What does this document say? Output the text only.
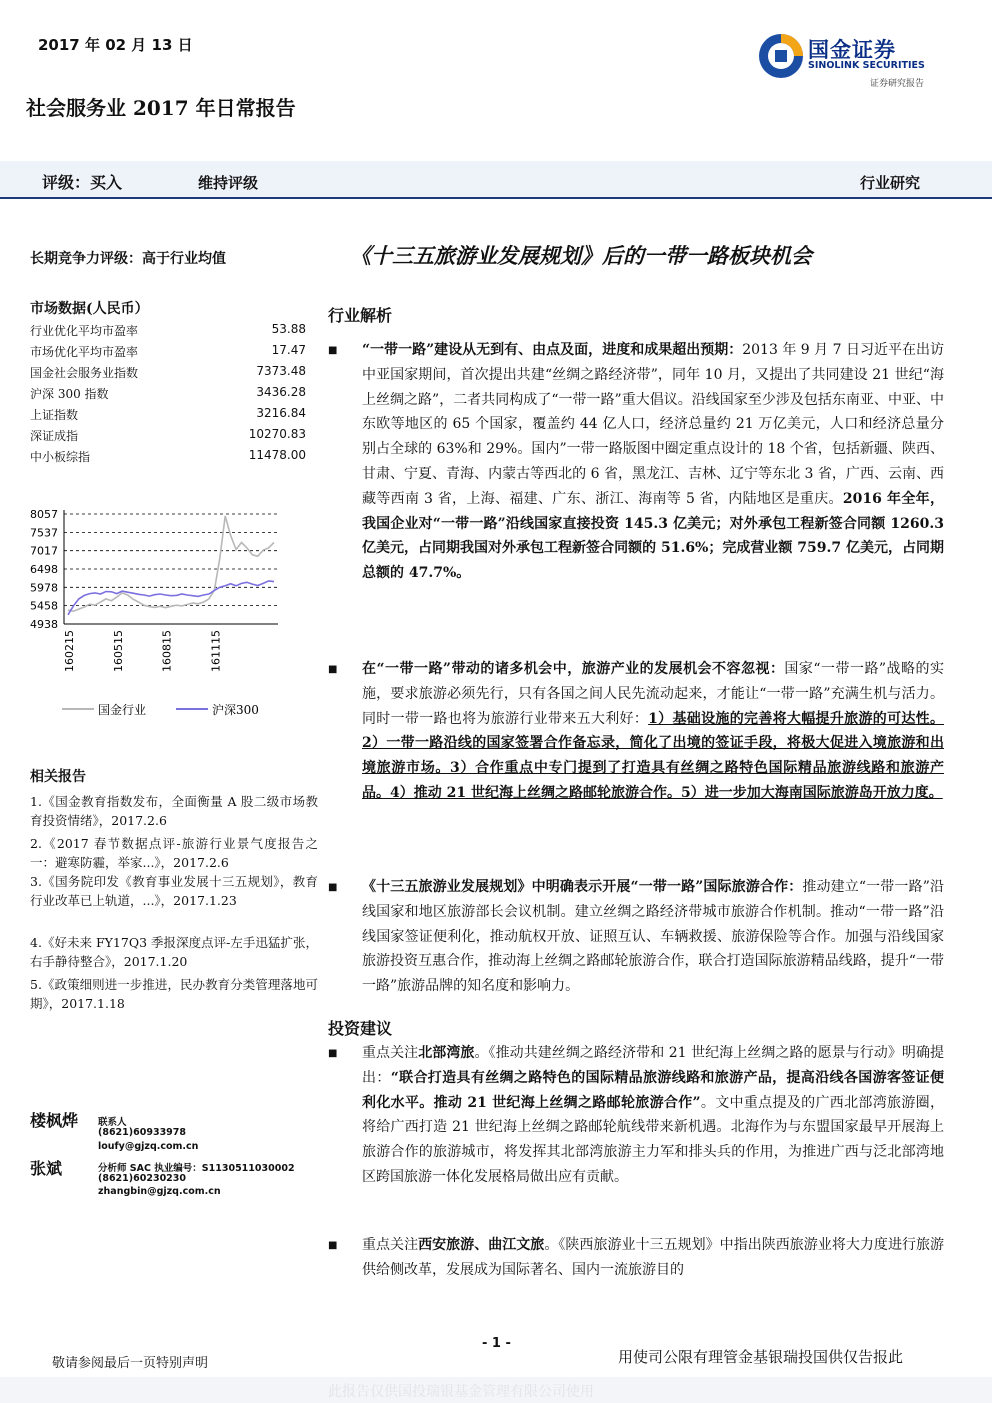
2017 年 02 月 13 日	国金证券
SINOLINK SECURITIES
证券研究报告
社会服务业 2017 年日常报告
评级：买入	维持评级	行业研究
长期竞争力评级：高于行业均值
市场数据(人民币）
行业优化平均市盈率	53.88
市场优化平均市盈率	17.47
国金社会服务业指数	7373.48
沪深 300 指数	3436.28
上证指数	3216.84
深证成指	10270.83
中小板综指	11478.00
4938
5458
5978
6498
7017
7537
8057
160215	160515	160815	161115
国金行业	沪深300
相关报告
1.《国金教育指数发布，全面衡量 A 股二级市场教育投资情绪》，2017.2.6
2.《2017 春节数据点评-旅游行业景气度报告之一：避寒防霾，举家...》，2017.2.6
3.《国务院印发《教育事业发展十三五规划》，教育行业改革已上轨道，...》，2017.1.23
4.《好未来 FY17Q3 季报深度点评-左手迅猛扩张，右手静待整合》，2017.1.20
5.《政策细则进一步推进，民办教育分类管理落地可期》，2017.1.18
楼枫烨 联系人
(8621)60933978
loufy@gjzq.com.cn
张斌	分析师 SAC 执业编号：S1130511030002
(8621)60230230
zhangbin@gjzq.com.cn
《十三五旅游业发展规划》后的一带一路板块机会
行业解析
■ “一带一路”建设从无到有、由点及面，进度和成果超出预期：2013 年 9 月 7 日习近平在出访中亚国家期间，首次提出共建“丝绸之路经济带”，同年 10 月，又提出了共同建设 21 世纪“海上丝绸之路”，二者共同构成了“一带一路”重大倡议。沿线国家至少涉及包括东南亚、中亚、中东欧等地区的 65 个国家，覆盖约 44 亿人口，经济总量约 21 万亿美元，人口和经济总量分别占全球的 63%和 29%。国内”一带一路版图中圈定重点设计的 18 个省，包括新疆、陕西、甘肃、宁夏、青海、内蒙古等西北的 6 省，黑龙江、吉林、辽宁等东北 3 省，广西、云南、西藏等西南 3 省，上海、福建、广东、浙江、海南等 5 省，内陆地区是重庆。2016 年全年，我国企业对“一带一路”沿线国家直接投资 145.3 亿美元；对外承包工程新签合同额 1260.3 亿美元，占同期我国对外承包工程新签合同额的 51.6%；完成营业额 759.7 亿美元，占同期总额的 47.7%。
■ 在“一带一路”带动的诸多机会中，旅游产业的发展机会不容忽视：国家“一带一路”战略的实施，要求旅游必须先行，只有各国之间人民先流动起来，才能让“一带一路”充满生机与活力。同时一带一路也将为旅游行业带来五大利好：1）基础设施的完善将大幅提升旅游的可达性。2）一带一路沿线的国家签署合作备忘录，简化了出境的签证手段，将极大促进入境旅游和出境旅游市场。3）合作重点中专门提到了打造具有丝绸之路特色国际精品旅游线路和旅游产品。4）推动 21 世纪海上丝绸之路邮轮旅游合作。5）进一步加大海南国际旅游岛开放力度。
■ 《十三五旅游业发展规划》中明确表示开展“一带一路”国际旅游合作：推动建立“一带一路”沿线国家和地区旅游部长会议机制。建立丝绸之路经济带城市旅游合作机制。推动“一带一路”沿线国家签证便利化，推动航权开放、证照互认、车辆救援、旅游保险等合作。加强与沿线国家旅游投资互惠合作，推动海上丝绸之路邮轮旅游合作，联合打造国际旅游精品线路，提升“一带一路”旅游品牌的知名度和影响力。
投资建议
■ 重点关注北部湾旅。《推动共建丝绸之路经济带和 21 世纪海上丝绸之路的愿景与行动》明确提出：“联合打造具有丝绸之路特色的国际精品旅游线路和旅游产品，提高沿线各国游客签证便利化水平。推动 21 世纪海上丝绸之路邮轮旅游合作”。文中重点提及的广西北部湾旅游圈，将给广西打造 21 世纪海上丝绸之路邮轮航线带来新机遇。北海作为与东盟国家最早开展海上旅游合作的旅游城市，将发挥其北部湾旅游主力军和排头兵的作用，为推进广西与泛北部湾地区跨国旅游一体化发展格局做出应有贡献。
■ 重点关注西安旅游、曲江文旅。《陕西旅游业十三五规划》中指出陕西旅游业将大力度进行旅游供给侧改革，发展成为国际著名、国内一流旅游目的
- 1 -
敬请参阅最后一页特别声明	用使司公限有理管金基银瑞投国供仅告报此
此报告仅供国投瑞银基金管理有限公司使用
